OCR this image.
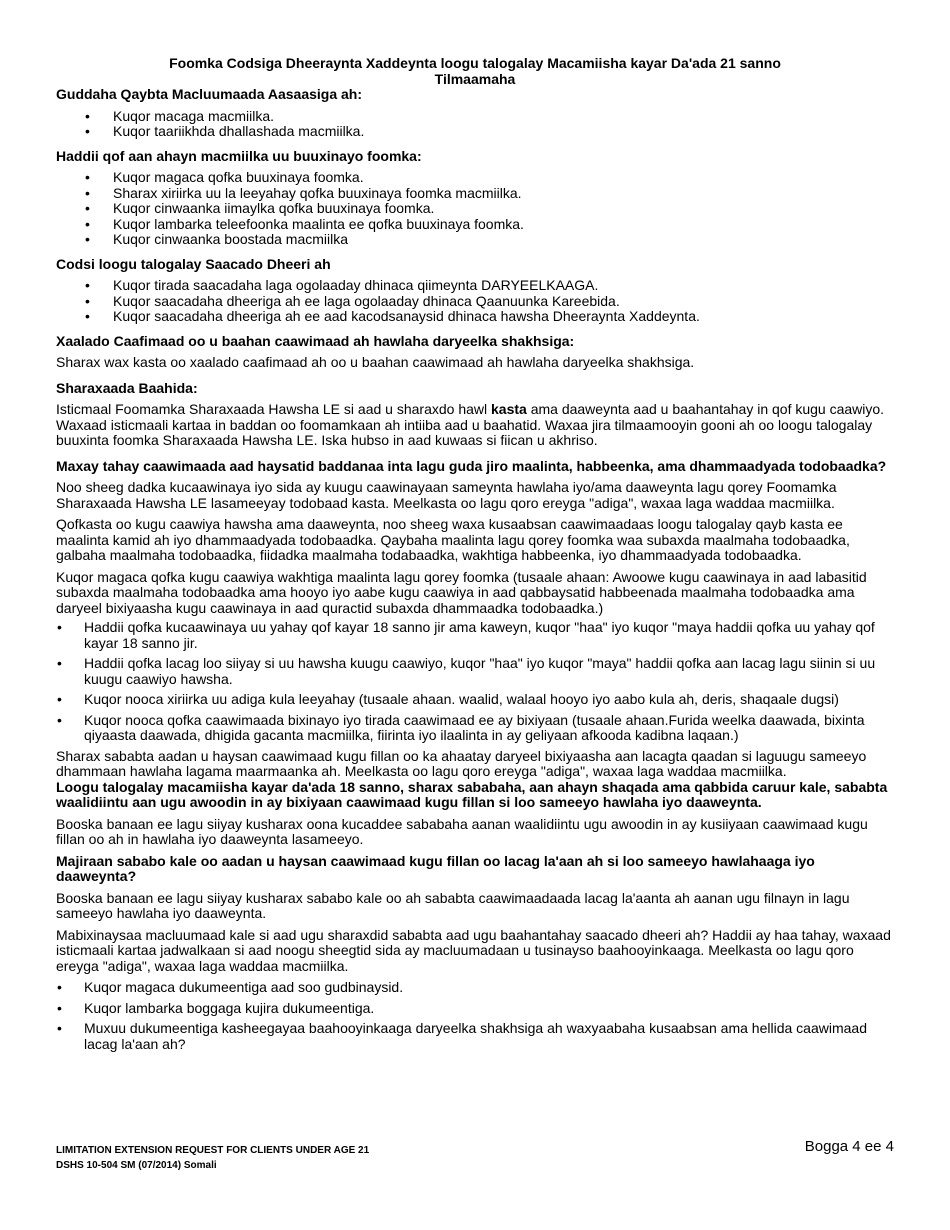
Foomka Codsiga Dheeraynta Xaddeynta loogu talogalay Macamiisha kayar Da'ada 21 sanno
Tilmaamaha
Guddaha Qaybta Macluumaada Aasaasiga ah:
• Kuqor macaga macmiilka.
• Kuqor taariikhda dhallashada macmiilka.
Haddii qof aan ahayn macmiilka uu buuxinayo foomka:
• Kuqor magaca qofka buuxinaya foomka.
• Sharax xiriirka uu la leeyahay qofka buuxinaya foomka macmiilka.
• Kuqor cinwaanka iimaylka qofka buuxinaya foomka.
• Kuqor lambarka teleefoonka maalinta ee qofka buuxinaya foomka.
• Kuqor cinwaanka boostada macmiilka
Codsi loogu talogalay Saacado Dheeri ah
• Kuqor tirada saacadaha laga ogolaaday dhinaca qiimeynta DARYEELKAAGA.
• Kuqor saacadaha dheeriga ah ee laga ogolaaday dhinaca Qaanuunka Kareebida.
• Kuqor saacadaha dheeriga ah ee aad kacodsanaysid dhinaca hawsha Dheeraynta Xaddeynta.
Xaalado Caafimaad oo u baahan caawimaad ah hawlaha daryeelka shakhsiga:

Sharax wax kasta oo xaalado caafimaad ah oo u baahan caawimaad ah hawlaha daryeelka shakhsiga.

Sharaxaada Baahida:

Isticmaal Foomamka Sharaxaada Hawsha LE si aad u sharaxdo hawl kasta ama daaweynta aad u baahantahay in qof kugu caawiyo. Waxaad isticmaali kartaa in baddan oo foomamkaan ah intiiba aad u baahatid. Waxaa jira tilmaamooyin gooni ah oo loogu talogalay buuxinta foomka Sharaxaada Hawsha LE. Iska hubso in aad kuwaas si fiican u akhriso.

Maxay tahay caawimaada aad haysatid baddanaa inta lagu guda jiro maalinta, habbeenka, ama dhammaadyada todobaadka?

Noo sheeg dadka kucaawinaya iyo sida ay kuugu caawinayaan sameynta hawlaha iyo/ama daaweynta lagu qorey Foomamka Sharaxaada Hawsha LE lasameeyay todobaad kasta. Meelkasta oo lagu qoro ereyga "adiga", waxaa laga waddaa macmiilka.

Qofkasta oo kugu caawiya hawsha ama daaweynta, noo sheeg waxa kusaabsan caawimaadaas loogu talogalay qayb kasta ee maalinta kamid ah iyo dhammaadyada todobaadka. Qaybaha maalinta lagu qorey foomka waa subaxda maalmaha todobaadka, galbaha maalmaha todobaadka, fiidadka maalmaha todabaadka, wakhtiga habbeenka, iyo dhammaadyada todobaadka.

Kuqor magaca qofka kugu caawiya wakhtiga maalinta lagu qorey foomka (tusaale ahaan: Awoowe kugu caawinaya in aad labasitid subaxda maalmaha todobaadka ama hooyo iyo aabe kugu caawiya in aad qabbaysatid habbeenada maalmaha todobaadka ama daryeel bixiyaasha kugu caawinaya in aad quractid subaxda dhammaadka todobaadka.)

• Haddii qofka kucaawinaya uu yahay qof kayar 18 sanno jir ama kaweyn, kuqor "haa" iyo kuqor "maya haddii qofka uu yahay qof kayar 18 sanno jir.
• Haddii qofka lacag loo siiyay si uu hawsha kuugu caawiyo, kuqor "haa" iyo kuqor "maya" haddii qofka aan lacag lagu siinin si uu kuugu caawiyo hawsha.
• Kuqor nooca xiriirka uu adiga kula leeyahay (tusaale ahaan. waalid, walaal hooyo iyo aabo kula ah, deris, shaqaale dugsi)
• Kuqor nooca qofka caawimaada bixinayo iyo tirada caawimaad ee ay bixiyaan (tusaale ahaan.Furida weelka daawada, bixinta qiyaasta daawada, dhigida gacanta macmiilka, fiirinta iyo ilaalinta in ay geliyaan afkooda kadibna laqaan.)

Sharax sababta aadan u haysan caawimaad kugu fillan oo ka ahaatay daryeel bixiyaasha aan lacagta qaadan si laguugu sameeyo dhammaan hawlaha lagama maarmaanka ah. Meelkasta oo lagu qoro ereyga "adiga", waxaa laga waddaa macmiilka.

Loogu talogalay macamiisha kayar da'ada 18 sanno, sharax sababaha, aan ahayn shaqada ama qabbida caruur kale, sababta waalidiintu aan ugu awoodin in ay bixiyaan caawimaad kugu fillan si loo sameeyo hawlaha iyo daaweynta.

Booska banaan ee lagu siiyay kusharax oona kucaddee sababaha aanan waalidiintu ugu awoodin in ay kusiiyaan caawimaad kugu fillan oo ah in hawlaha iyo daaweynta lasameeyo.

Majiraan sababo kale oo aadan u haysan caawimaad kugu fillan oo lacag la'aan ah si loo sameeyo hawlahaaga iyo daaweynta?

Booska banaan ee lagu siiyay kusharax sababo kale oo ah sababta caawimaadaada lacag la'aanta ah aanan ugu filnayn in lagu sameeyo hawlaha iyo daaweynta.

Mabixinaysaa macluumaad kale si aad ugu sharaxdid sababta aad ugu baahantahay saacado dheeri ah? Haddii ay haa tahay, waxaad isticmaali kartaa jadwalkaan si aad noogu sheegtid sida ay macluumadaan u tusinayso baahooyinkaaga. Meelkasta oo lagu qoro ereyga "adiga", waxaa laga waddaa macmiilka.

• Kuqor magaca dukumeentiga aad soo gudbinaysid.
• Kuqor lambarka boggaga kujira dukumeentiga.
• Muxuu dukumeentiga kasheegayaa baahooyinkaaga daryeelka shakhsiga ah waxyaabaha kusaabsan ama hellida caawimaad lacag la'aan ah?
LIMITATION EXTENSION REQUEST FOR CLIENTS UNDER AGE 21
DSHS 10-504 SM (07/2014) Somali
Bogga 4 ee 4
